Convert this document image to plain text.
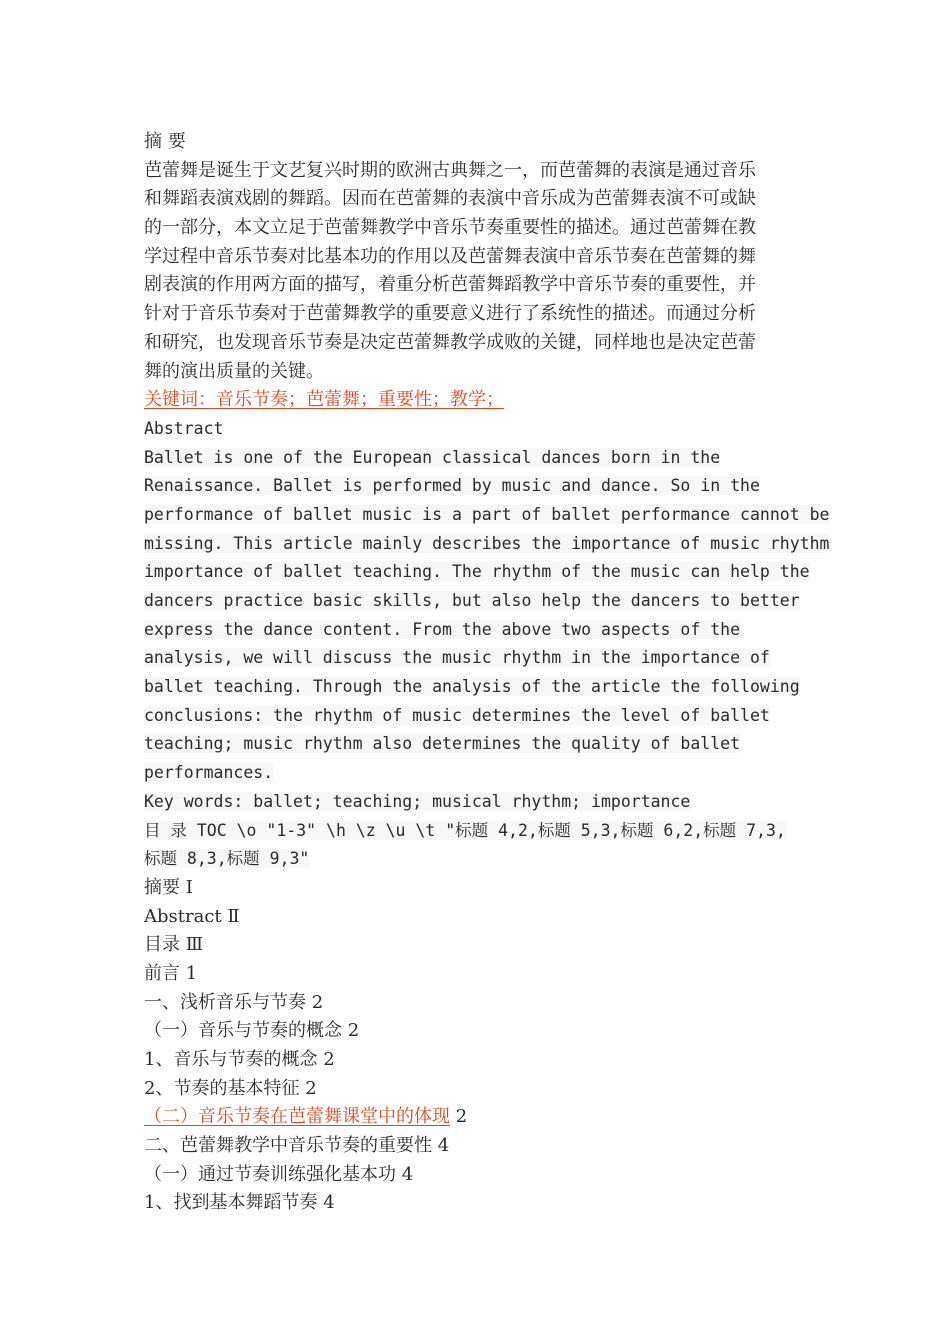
摘 要
芭蕾舞是诞生于文艺复兴时期的欧洲古典舞之一，而芭蕾舞的表演是通过音乐
和舞蹈表演戏剧的舞蹈。因而在芭蕾舞的表演中音乐成为芭蕾舞表演不可或缺
的一部分，本文立足于芭蕾舞教学中音乐节奏重要性的描述。通过芭蕾舞在教
学过程中音乐节奏对比基本功的作用以及芭蕾舞表演中音乐节奏在芭蕾舞的舞
剧表演的作用两方面的描写，着重分析芭蕾舞蹈教学中音乐节奏的重要性，并
针对于音乐节奏对于芭蕾舞教学的重要意义进行了系统性的描述。而通过分析
和研究，也发现音乐节奏是决定芭蕾舞教学成败的关键，同样地也是决定芭蕾
舞的演出质量的关键。
关键词：音乐节奏；芭蕾舞；重要性；教学；
Abstract
Ballet is one of the European classical dances born in the
Renaissance. Ballet is performed by music and dance. So in the
performance of ballet music is a part of ballet performance cannot be
missing. This article mainly describes the importance of music rhythm
importance of ballet teaching. The rhythm of the music can help the
dancers practice basic skills, but also help the dancers to better
express the dance content. From the above two aspects of the
analysis, we will discuss the music rhythm in the importance of
ballet teaching. Through the analysis of the article the following
conclusions: the rhythm of music determines the level of ballet
teaching; music rhythm also determines the quality of ballet
performances.
Key words: ballet; teaching; musical rhythm; importance
目 录 TOC \o "1-3" \h \z \u \t "标题 4,2,标题 5,3,标题 6,2,标题 7,3,
标题 8,3,标题 9,3"
摘要 Ⅰ
Abstract Ⅱ
目录 Ⅲ
前言 1
一、浅析音乐与节奏 2
（一）音乐与节奏的概念 2
1、音乐与节奏的概念 2
2、节奏的基本特征 2
（二）音乐节奏在芭蕾舞课堂中的体现 2
二、芭蕾舞教学中音乐节奏的重要性 4
（一）通过节奏训练强化基本功 4
1、找到基本舞蹈节奏 4
